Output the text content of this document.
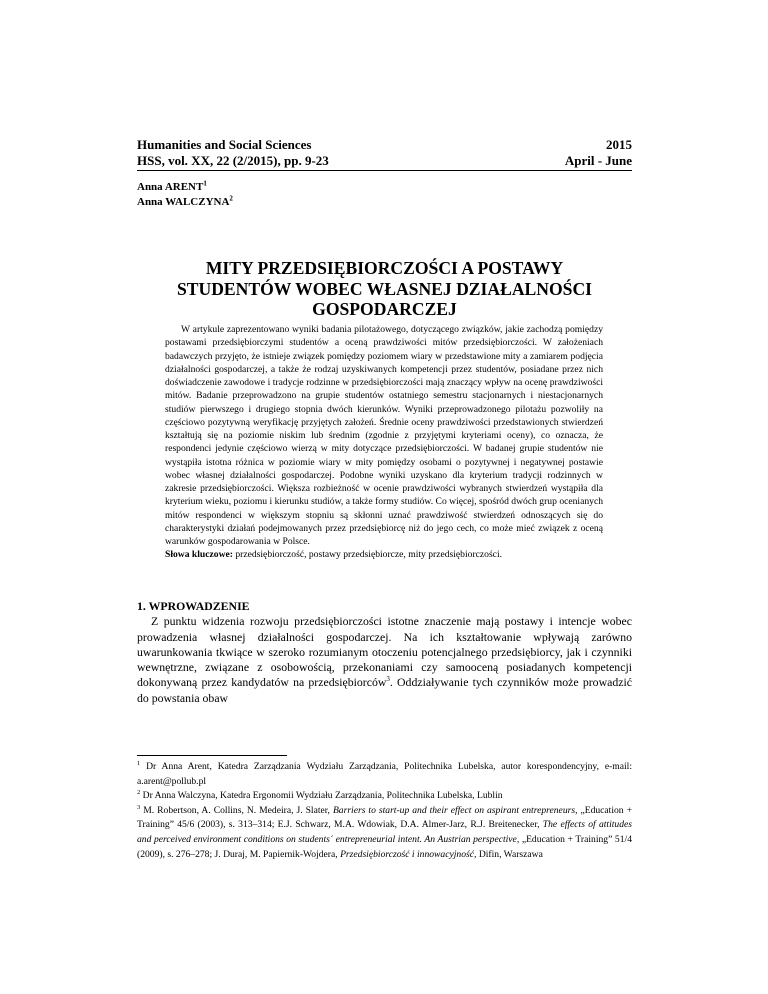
Humanities and Social Sciences	2015
HSS, vol. XX, 22 (2/2015), pp. 9-23	April - June
Anna ARENT$^1$
Anna WALCZYNA$^2$
MITY PRZEDSIĘBIORCZOŚCI A POSTAWY
STUDENTÓW WOBEC WŁASNEJ DZIAŁALNOŚCI
GOSPODARCZEJ

W artykule zaprezentowano wyniki badania pilotażowego, dotyczącego związków, jakie zachodzą pomiędzy postawami przedsiębiorczymi studentów a oceną prawdziwości mitów przedsiębiorczości. W założeniach badawczych przyjęto, że istnieje związek pomiędzy poziomem wiary w przedstawione mity a zamiarem podjęcia działalności gospodarczej, a także że rodzaj uzyskiwanych kompetencji przez studentów, posiadane przez nich doświadczenie zawodowe i tradycje rodzinne w przedsiębiorczości mają znaczący wpływ na ocenę prawdziwości mitów. Badanie przeprowadzono na grupie studentów ostatniego semestru stacjonarnych i niestacjonarnych studiów pierwszego i drugiego stopnia dwóch kierunków. Wyniki przeprowadzonego pilotażu pozwoliły na częściowo pozytywną weryfikację przyjętych założeń. Średnie oceny prawdziwości przedstawionych stwierdzeń kształtują się na poziomie niskim lub średnim (zgodnie z przyjętymi kryteriami oceny), co oznacza, że respondenci jedynie częściowo wierzą w mity dotyczące przedsiębiorczości. W badanej grupie studentów nie wystąpiła istotna różnica w poziomie wiary w mity pomiędzy osobami o pozytywnej i negatywnej postawie wobec własnej działalności gospodarczej. Podobne wyniki uzyskano dla kryterium tradycji rodzinnych w zakresie przedsiębiorczości. Większa rozbieżność w ocenie prawdziwości wybranych stwierdzeń wystąpiła dla kryterium wieku, poziomu i kierunku studiów, a także formy studiów. Co więcej, spośród dwóch grup ocenianych mitów respondenci w większym stopniu są skłonni uznać prawdziwość stwierdzeń odnoszących się do charakterystyki działań podejmowanych przez przedsiębiorcę niż do jego cech, co może mieć związek z oceną warunków gospodarowania w Polsce.

Słowa kluczowe: przedsiębiorczość, postawy przedsiębiorcze, mity przedsiębiorczości.

1. WPROWADZENIE

Z punktu widzenia rozwoju przedsiębiorczości istotne znaczenie mają postawy i intencje wobec prowadzenia własnej działalności gospodarczej. Na ich kształtowanie wpływają zarówno uwarunkowania tkwiące w szeroko rozumianym otoczeniu potencjalnego przedsiębiorcy, jak i czynniki wewnętrzne, związane z osobowością, przekonaniami czy samooceną posiadanych kompetencji dokonywaną przez kandydatów na przedsiębiorców$^3$. Oddziaływanie tych czynników może prowadzić do powstania obaw

$^1$ Dr Anna Arent, Katedra Zarządzania Wydziału Zarządzania, Politechnika Lubelska, autor korespondencyjny, e-mail: a.arent@pollub.pl

$^2$ Dr Anna Walczyna, Katedra Ergonomii Wydziału Zarządzania, Politechnika Lubelska, Lublin

$^3$ M. Robertson, A. Collins, N. Medeira, J. Slater, Barriers to start-up and their effect on aspirant entrepreneurs, „Education + Training” 45/6 (2003), s. 313–314; E.J. Schwarz, M.A. Wdowiak, D.A. Almer-Jarz, R.J. Breitenecker, The effects of attitudes and perceived environment conditions on students´ entrepreneurial intent. An Austrian perspective, „Education + Training” 51/4 (2009), s. 276–278; J. Duraj, M. Papiernik-Wojdera, Przedsiębiorczość i innowacyjność, Difin, Warszawa
